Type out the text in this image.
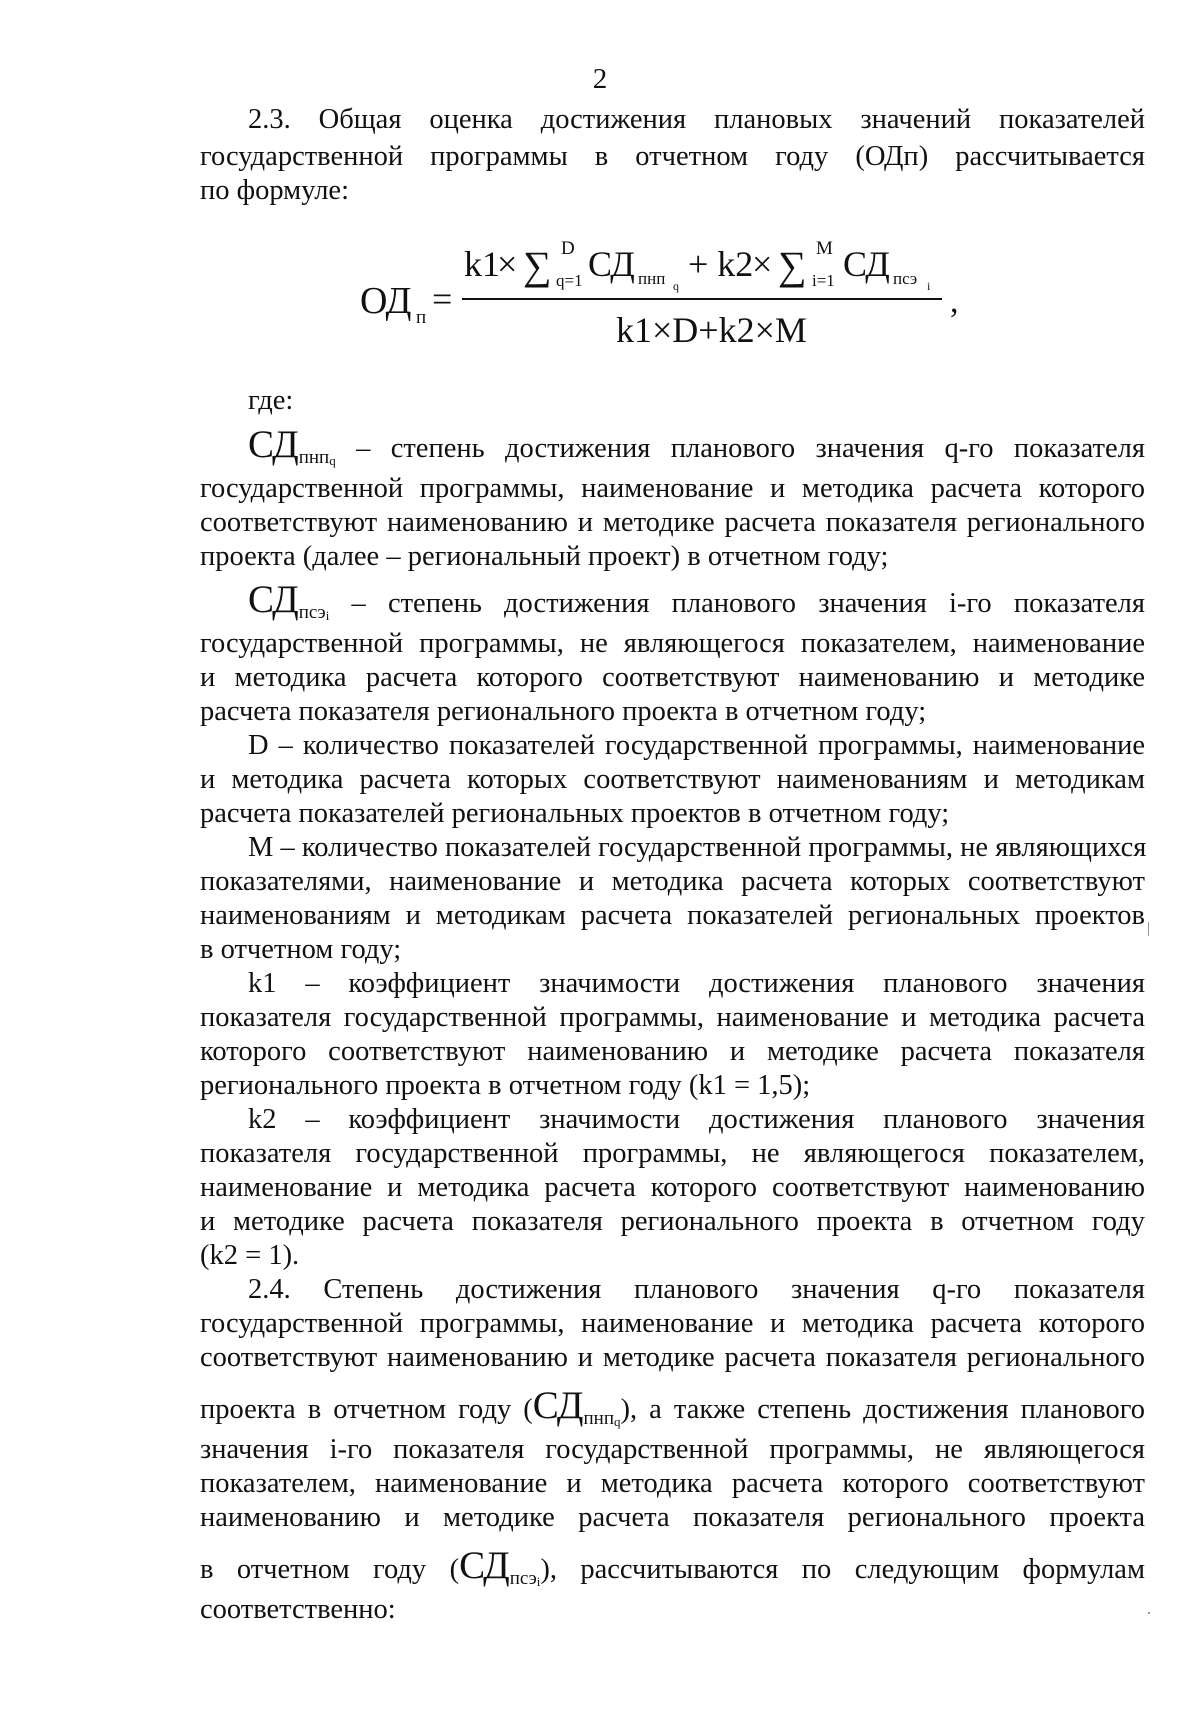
2
2.3. Общая оценка достижения плановых значений показателей
государственной программы в отчетном году (ОДп) рассчитывается
по формуле:
ОД п =
k1
× ∑ D
q=1 СД пнп q
+ k2
× ∑ M
i=1 СД псэ i ,
k1×D+k2×M
где:
$СД_{пнпq}$ – степень достижения планового значения q-го показателя
государственной программы, наименование и методика расчета которого
соответствуют наименованию и методике расчета показателя регионального
проекта (далее – региональный проект) в отчетном году;
$СД_{псэi}$ – степень достижения планового значения i-го показателя
государственной программы, не являющегося показателем, наименование
и методика расчета которого соответствуют наименованию и методике
расчета показателя регионального проекта в отчетном году;
D – количество показателей государственной программы, наименование
и методика расчета которых соответствуют наименованиям и методикам
расчета показателей региональных проектов в отчетном году;
M – количество показателей государственной программы, не являющихся
показателями, наименование и методика расчета которых соответствуют
наименованиям и методикам расчета показателей региональных проектов
в отчетном году;
k1 – коэффициент значимости достижения планового значения
показателя государственной программы, наименование и методика расчета
которого соответствуют наименованию и методике расчета показателя
регионального проекта в отчетном году (k1 = 1,5);
k2 – коэффициент значимости достижения планового значения
показателя государственной программы, не являющегося показателем,
наименование и методика расчета которого соответствуют наименованию
и методике расчета показателя регионального проекта в отчетном году
(k2 = 1).
2.4. Степень достижения планового значения q-го показателя
государственной программы, наименование и методика расчета которого
соответствуют наименованию и методике расчета показателя регионального
проекта в отчетном году $(СД_{пнпq})$, а также степень достижения планового
значения i-го показателя государственной программы, не являющегося
показателем, наименование и методика расчета которого соответствуют
наименованию и методике расчета показателя регионального проекта
в отчетном году $(СД_{псэi})$, рассчитываются по следующим формулам
соответственно:
